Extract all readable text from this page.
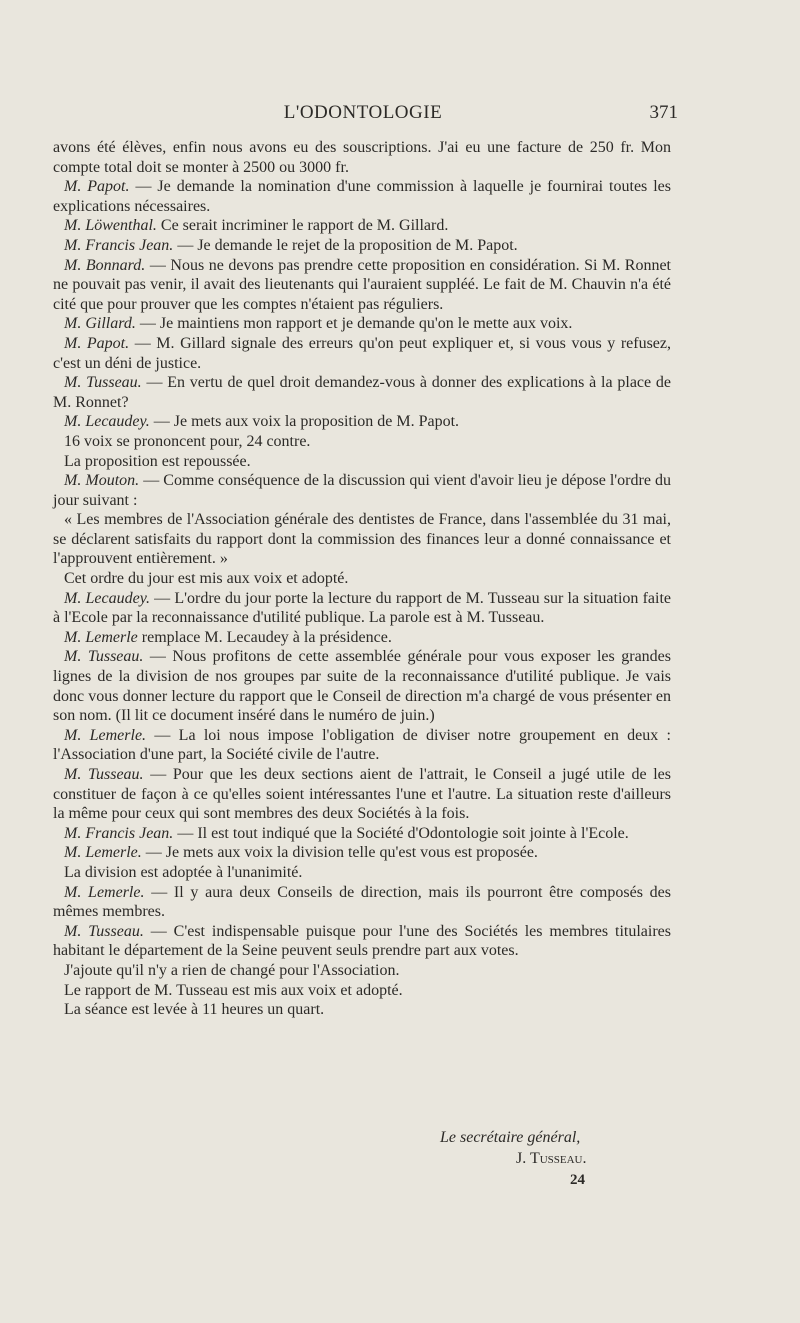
L'ODONTOLOGIE	371

avons été élèves, enfin nous avons eu des souscriptions. J'ai eu une facture de 250 fr. Mon compte total doit se monter à 2500 ou 3000 fr.

M. Papot. — Je demande la nomination d'une commission à laquelle je fournirai toutes les explications nécessaires.

M. Löwenthal. Ce serait incriminer le rapport de M. Gillard.

M. Francis Jean. — Je demande le rejet de la proposition de M. Papot.

M. Bonnard. — Nous ne devons pas prendre cette proposition en considération. Si M. Ronnet ne pouvait pas venir, il avait des lieutenants qui l'auraient suppléé. Le fait de M. Chauvin n'a été cité que pour prouver que les comptes n'étaient pas réguliers.

M. Gillard. — Je maintiens mon rapport et je demande qu'on le mette aux voix.

M. Papot. — M. Gillard signale des erreurs qu'on peut expliquer et, si vous vous y refusez, c'est un déni de justice.

M. Tusseau. — En vertu de quel droit demandez-vous à donner des explications à la place de M. Ronnet?

M. Lecaudey. — Je mets aux voix la proposition de M. Papot.

16 voix se prononcent pour, 24 contre.

La proposition est repoussée.

M. Mouton. — Comme conséquence de la discussion qui vient d'avoir lieu je dépose l'ordre du jour suivant :

« Les membres de l'Association générale des dentistes de France, dans l'assemblée du 31 mai, se déclarent satisfaits du rapport dont la commission des finances leur a donné connaissance et l'approuvent entièrement. »

Cet ordre du jour est mis aux voix et adopté.

M. Lecaudey. — L'ordre du jour porte la lecture du rapport de M. Tusseau sur la situation faite à l'Ecole par la reconnaissance d'utilité publique. La parole est à M. Tusseau.

M. Lemerle remplace M. Lecaudey à la présidence.

M. Tusseau. — Nous profitons de cette assemblée générale pour vous exposer les grandes lignes de la division de nos groupes par suite de la reconnaissance d'utilité publique. Je vais donc vous donner lecture du rapport que le Conseil de direction m'a chargé de vous présenter en son nom. (Il lit ce document inséré dans le numéro de juin.)

M. Lemerle. — La loi nous impose l'obligation de diviser notre groupement en deux : l'Association d'une part, la Société civile de l'autre.

M. Tusseau. — Pour que les deux sections aient de l'attrait, le Conseil a jugé utile de les constituer de façon à ce qu'elles soient intéressantes l'une et l'autre. La situation reste d'ailleurs la même pour ceux qui sont membres des deux Sociétés à la fois.

M. Francis Jean. — Il est tout indiqué que la Société d'Odontologie soit jointe à l'Ecole.

M. Lemerle. — Je mets aux voix la division telle qu'est vous est proposée.

La division est adoptée à l'unanimité.

M. Lemerle. — Il y aura deux Conseils de direction, mais ils pourront être composés des mêmes membres.

M. Tusseau. — C'est indispensable puisque pour l'une des Sociétés les membres titulaires habitant le département de la Seine peuvent seuls prendre part aux votes.

J'ajoute qu'il n'y a rien de changé pour l'Association.

Le rapport de M. Tusseau est mis aux voix et adopté.

La séance est levée à 11 heures un quart.

Le secrétaire général,
J. Tusseau.
24
